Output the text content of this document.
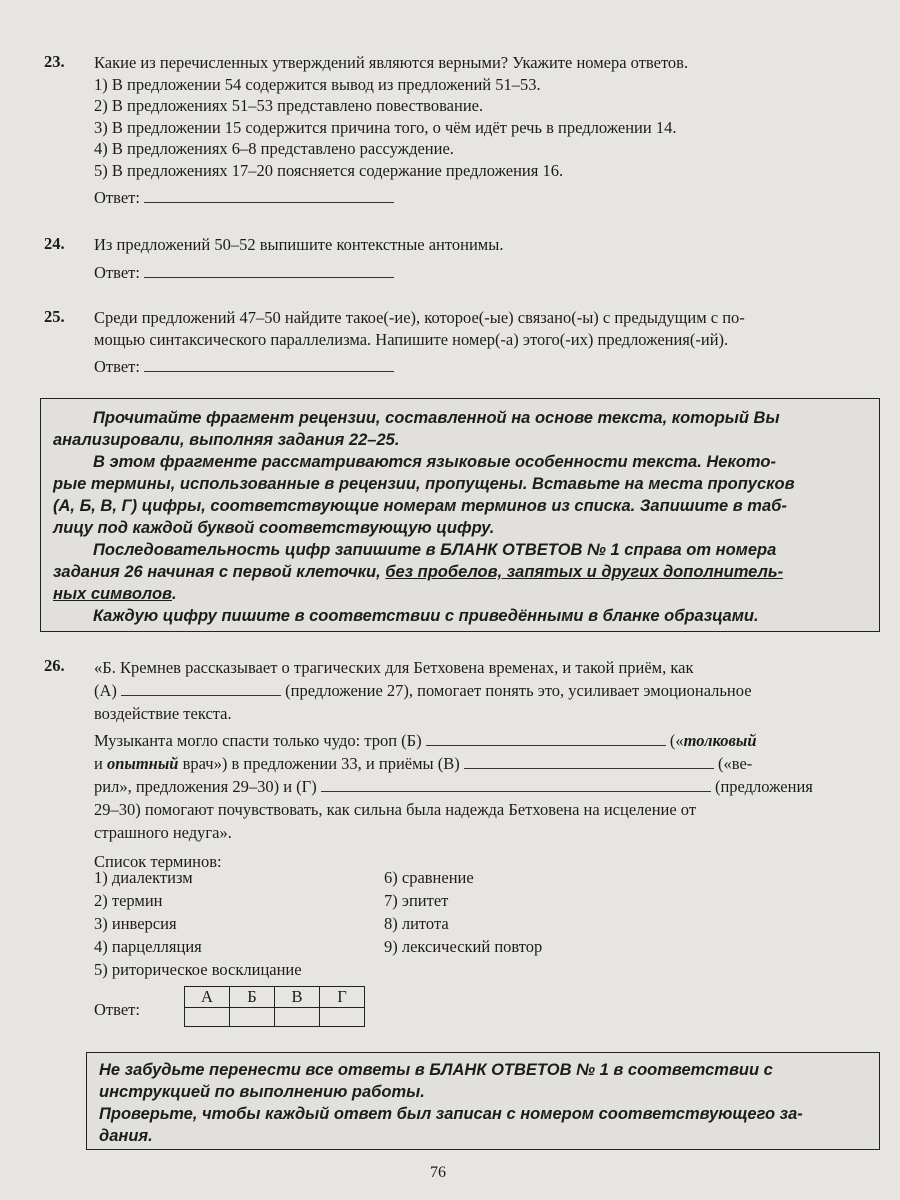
23.	Какие из перечисленных утверждений являются верными? Укажите номера ответов.
1) В предложении 54 содержится вывод из предложений 51–53.
2) В предложениях 51–53 представлено повествование.
3) В предложении 15 содержится причина того, о чём идёт речь в предложении 14.
4) В предложениях 6–8 представлено рассуждение.
5) В предложениях 17–20 поясняется содержание предложения 16.
Ответ:
24.	Из предложений 50–52 выпишите контекстные антонимы.
Ответ:
25.	Среди предложений 47–50 найдите такое(-ие), которое(-ые) связано(-ы) с предыдущим с по-
мощью синтаксического параллелизма. Напишите номер(-а) этого(-их) предложения(-ий).
Ответ:

Прочитайте фрагмент рецензии, составленной на основе текста, который Вы

анализировали, выполняя задания 22–25.

В этом фрагменте рассматриваются языковые особенности текста. Некото-

рые термины, использованные в рецензии, пропущены. Вставьте на места пропусков

(А, Б, В, Г) цифры, соответствующие номерам терминов из списка. Запишите в таб-

лицу под каждой буквой соответствующую цифру.

Последовательность цифр запишите в БЛАНК ОТВЕТОВ № 1 справа от номера

задания 26 начиная с первой клеточки, без пробелов, запятых и других дополнитель-

ных символов.

Каждую цифру пишите в соответствии с приведёнными в бланке образцами.

26.	«Б. Кремнев рассказывает о трагических для Бетховена временах, и такой приём, как
(А)	(предложение 27), помогает понять это, усиливает эмоциональное
воздействие текста.
Музыканта могло спасти только чудо: троп (Б)	(«толковый
и опытный врач») в предложении 33, и приёмы (В)	(«ве-
рил», предложения 29–30) и (Г)	(предложения
29–30) помогают почувствовать, как сильна была надежда Бетховена на исцеление от
страшного недуга».
Список терминов:
1) диалектизм
2) термин
3) инверсия
4) парцелляция
5) риторическое восклицание
6) сравнение
7) эпитет
8) литота
9) лексический повтор
Ответ:
А	Б	В	Г

Не забудьте перенести все ответы в БЛАНК ОТВЕТОВ № 1 в соответствии с

инструкцией по выполнению работы.

Проверьте, чтобы каждый ответ был записан с номером соответствующего за-

дания.

76
